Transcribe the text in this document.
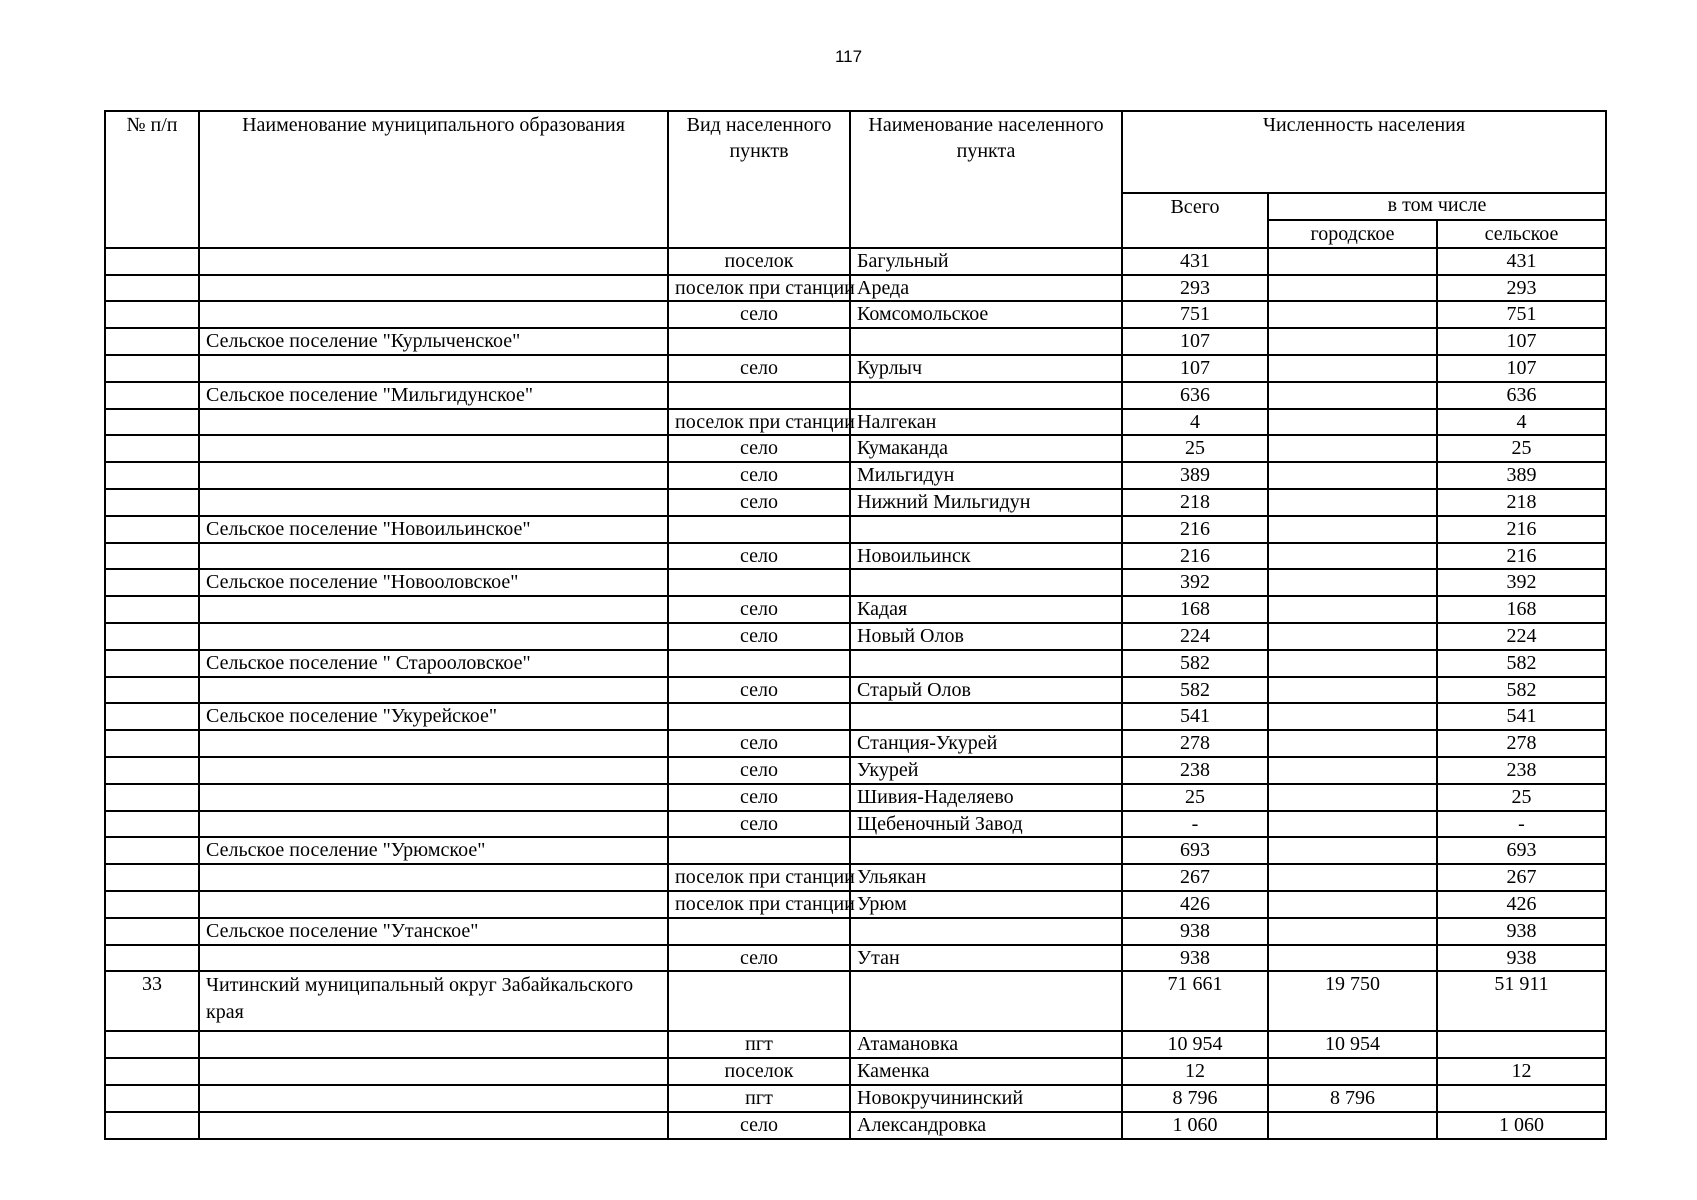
117
№ п/п	Наименование муниципального образования	Вид населенного пунктв	Наименование населенного пункта	Численность населения		
				Всего	в том числе	
					городское	сельское
		поселок	Багульный	431		431
		поселок при станции	Ареда	293		293
		село	Комсомольское	751		751
	Сельское поселение "Курлыченское"			107		107
		село	Курлыч	107		107
	Сельское поселение "Мильгидунское"			636		636
		поселок при станции	Налгекан	4		4
		село	Кумаканда	25		25
		село	Мильгидун	389		389
		село	Нижний Мильгидун	218		218
	Сельское поселение "Новоильинское"			216		216
		село	Новоильинск	216		216
	Сельское поселение "Новооловское"			392		392
		село	Кадая	168		168
		село	Новый Олов	224		224
	Сельское поселение " Старооловское"			582		582
		село	Старый Олов	582		582
	Сельское поселение "Укурейское"			541		541
		село	Станция-Укурей	278		278
		село	Укурей	238		238
		село	Шивия-Наделяево	25		25
		село	Щебеночный Завод	-		-
	Сельское поселение "Урюмское"			693		693
		поселок при станции	Ульякан	267		267
		поселок при станции	Урюм	426		426
	Сельское поселение "Утанское"			938		938
		село	Утан	938		938
33	Читинский муниципальный округ Забайкальского края			71 661	19 750	51 911
		пгт	Атамановка	10 954	10 954	
		поселок	Каменка	12		12
		пгт	Новокручининский	8 796	8 796	
		село	Александровка	1 060		1 060
